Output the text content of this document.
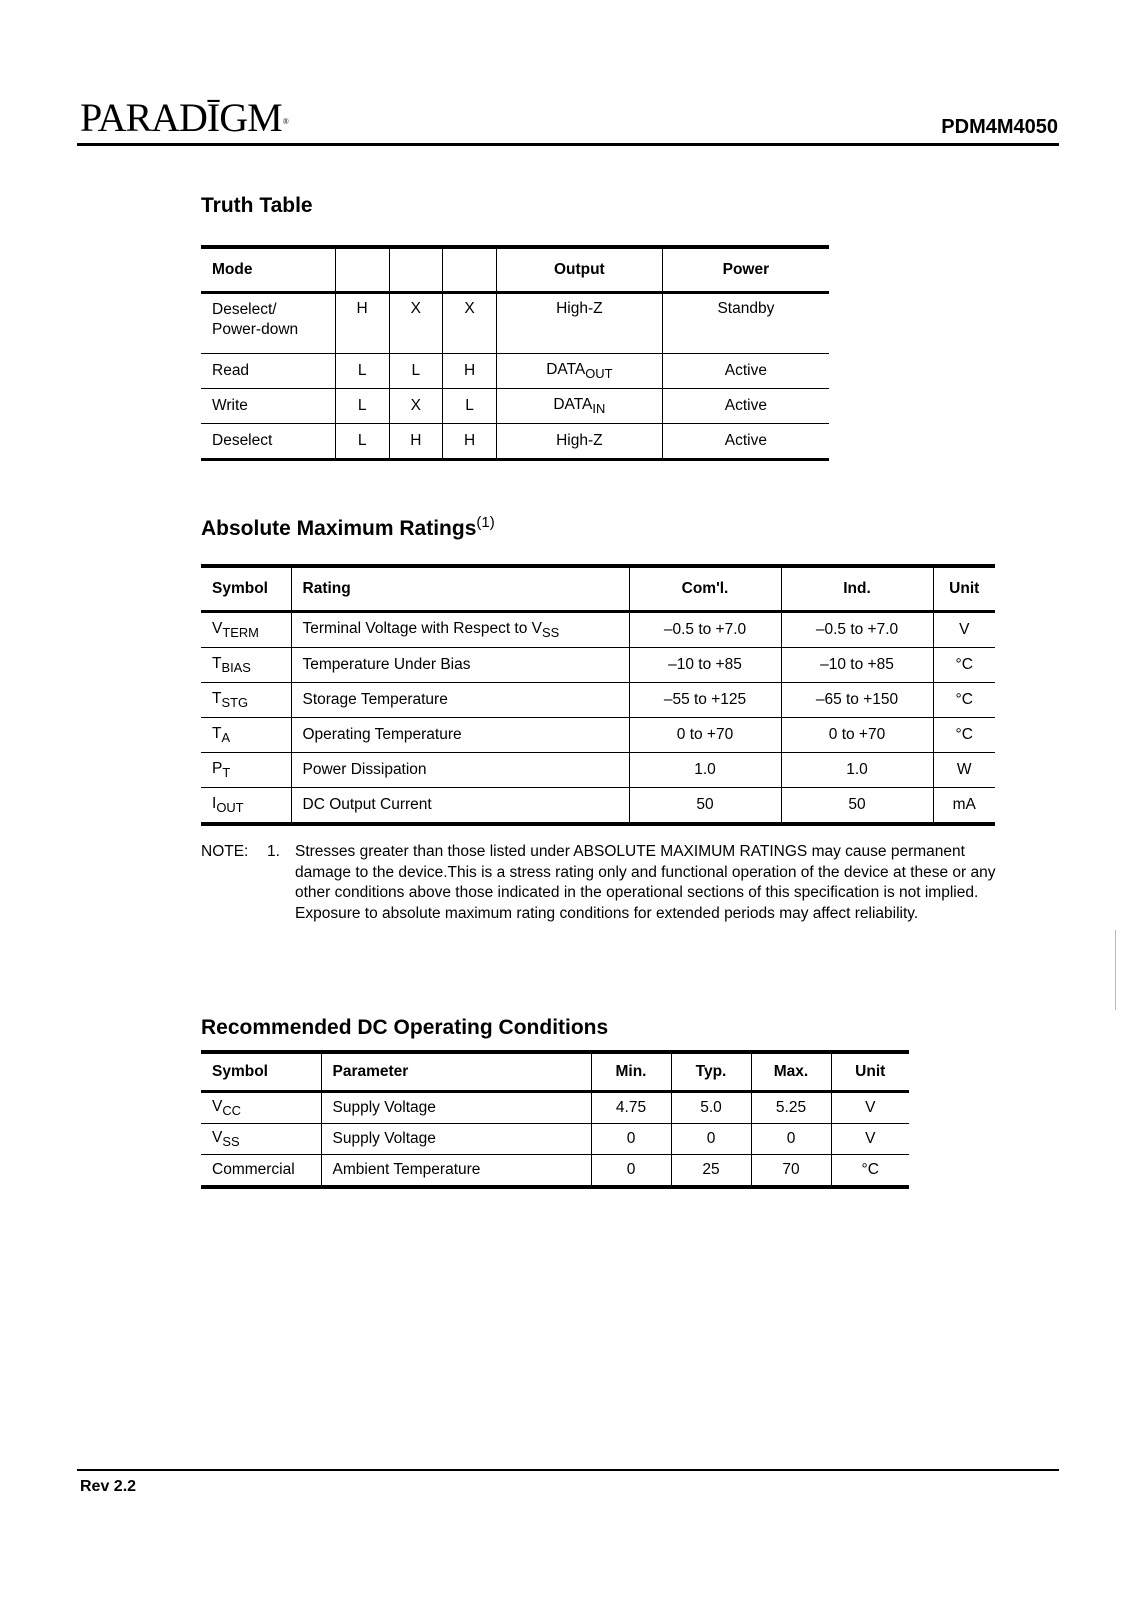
PARADĪGM®	PDM4M4050
Truth Table
Mode				Output	Power
Deselect/
Power-down	H	X	X	High-Z	Standby
Read	L	L	H	$DATA_{OUT}$	Active
Write	L	X	L	$DATA_{IN}$	Active
Deselect	L	H	H	High-Z	Active
Absolute Maximum Ratings$^{(1)}$
Symbol	Rating	Com'l.	Ind.	Unit
$V_{TERM}$	Terminal Voltage with Respect to $V_{SS}$	–0.5 to +7.0	–0.5 to +7.0	V
$T_{BIAS}$	Temperature Under Bias	–10 to +85	–10 to +85	°C
$T_{STG}$	Storage Temperature	–55 to +125	–65 to +150	°C
$T_A$	Operating Temperature	0 to +70	0 to +70	°C
$P_T$	Power Dissipation	1.0	1.0	W
$I_{OUT}$	DC Output Current	50	50	mA
NOTE: 1. Stresses greater than those listed under ABSOLUTE MAXIMUM RATINGS may cause permanent damage to the device.This is a stress rating only and functional operation of the device at these or any other conditions above those indicated in the operational sections of this specification is not implied. Exposure to absolute maximum rating conditions for extended periods may affect reliability.
Recommended DC Operating Conditions
Symbol	Parameter	Min.	Typ.	Max.	Unit
$V_{CC}$	Supply Voltage	4.75	5.0	5.25	V
$V_{SS}$	Supply Voltage	0	0	0	V
Commercial	Ambient Temperature	0	25	70	°C
Rev 2.2
